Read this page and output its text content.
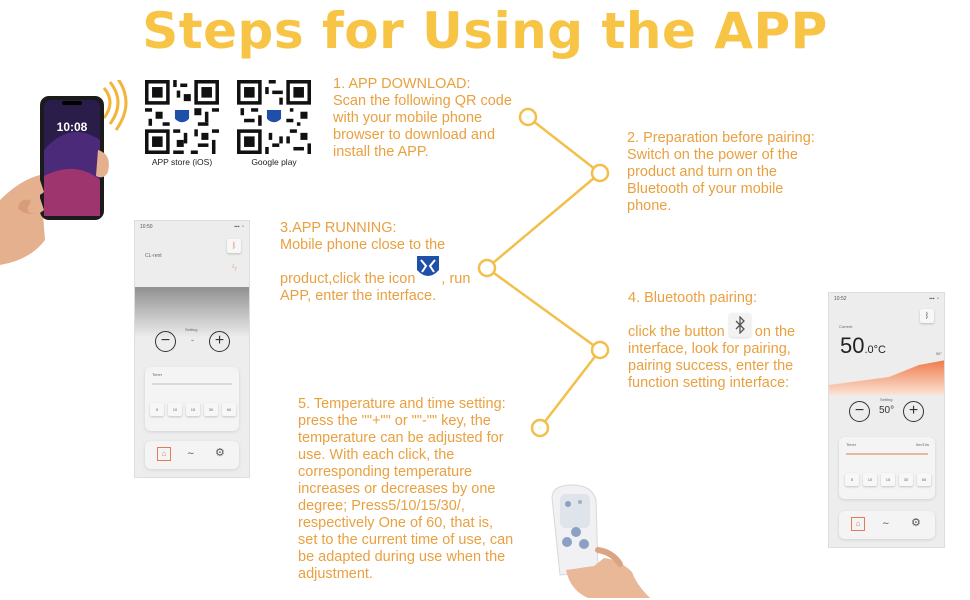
Steps for Using the APP
10:08
APP store (iOS)	Google play
1. APP DOWNLOAD:
Scan the following QR code
with your mobile phone
browser to download and
install the APP.
2. Preparation before pairing:
Switch on the power of the
product and turn on the
Bluetooth of your mobile
phone.
3.APP RUNNING:
Mobile phone close to the
product,click the icon , run
APP, enter the interface.	4. Bluetooth pairing:
click the button on the
interface, look for pairing,
pairing success, enter the
function setting interface:
5. Temperature and time setting:
press the ""+"" or ""-"" key, the
temperature can be adjusted for
use. With each click, the
corresponding temperature
increases or decreases by one
degree; Press5/10/15/30/,
respectively One of 60, that is,
set to the current time of use, can
be adapted during use when the
adjustment.
10:50	▪▪▪ ◔
ᛒ
CL-rent
ϟ
Setting
−	-	+
Timer
5	10	15	30	60
⌂	∼ ⚙
10:52	▪▪▪ ◔
ᛒ
Current
50.0°C	50°
Setting
−	50° +
Timer	0m/10s
5	10	15	30	60
⌂	∼ ⚙
